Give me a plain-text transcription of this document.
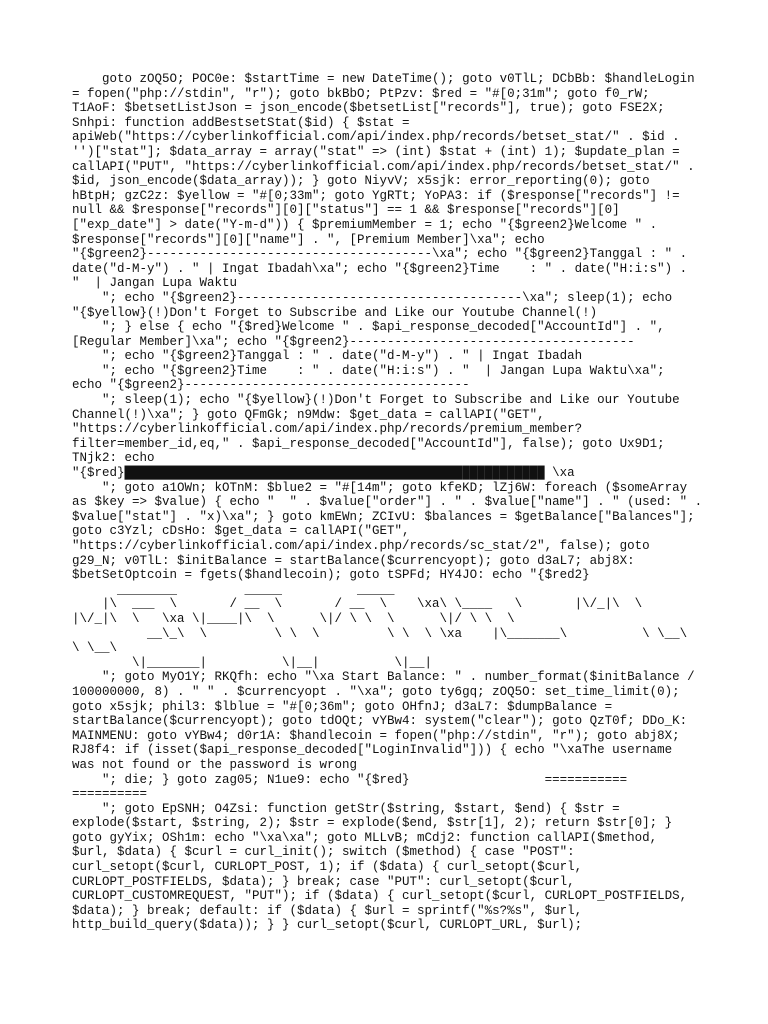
goto zOQ5O; POC0e: $startTime = new DateTime(); goto v0TlL; DCbBb: $handleLogin
= fopen("php://stdin", "r"); goto bkBbO; PtPzv: $red = "#[0;31m"; goto f0_rW;
T1AoF: $betsetListJson = json_encode($betsetList["records"], true); goto FSE2X;
Snhpi: function addBestsetStat($id) { $stat =
apiWeb("https://cyberlinkofficial.com/api/index.php/records/betset_stat/" . $id .
'')["stat"]; $data_array = array("stat" => (int) $stat + (int) 1); $update_plan =
callAPI("PUT", "https://cyberlinkofficial.com/api/index.php/records/betset_stat/" .
$id, json_encode($data_array)); } goto NiyvV; x5sjk: error_reporting(0); goto
hBtpH; gzC2z: $yellow = "#[0;33m"; goto YgRTt; YoPA3: if ($response["records"] !=
null && $response["records"][0]["status"] == 1 && $response["records"][0]
["exp_date"] > date("Y-m-d")) { $premiumMember = 1; echo "{$green2}Welcome " .
$response["records"][0]["name"] . ", [Premium Member]\xa"; echo
"{$green2}--------------------------------------\xa"; echo "{$green2}Tanggal : " .
date("d-M-y") . " | Ingat Ibadah\xa"; echo "{$green2}Time    : " . date("H:i:s") .
"  | Jangan Lupa Waktu
"; echo "{$green2}--------------------------------------\xa"; sleep(1); echo
"{$yellow}(!)Don't Forget to Subscribe and Like our Youtube Channel(!)
"; } else { echo "{$red}Welcome " . $api_response_decoded["AccountId"] . ",
[Regular Member]\xa"; echo "{$green2}--------------------------------------
"; echo "{$green2}Tanggal : " . date("d-M-y") . " | Ingat Ibadah
"; echo "{$green2}Time    : " . date("H:i:s") . "  | Jangan Lupa Waktu\xa";
echo "{$green2}--------------------------------------
"; sleep(1); echo "{$yellow}(!)Don't Forget to Subscribe and Like our Youtube
Channel(!)\xa"; } goto QFmGk; n9Mdw: $get_data = callAPI("GET",
"https://cyberlinkofficial.com/api/index.php/records/premium_member?
filter=member_id,eq," . $api_response_decoded["AccountId"], false); goto Ux9D1;
TNjk2: echo
"{$red}████████████████████████████████████████████████████████ \xa
"; goto a1OWn; kOTnM: $blue2 = "#[14m"; goto kfeKD; lZj6W: foreach ($someArray
as $key => $value) { echo "  " . $value["order"] . " . $value["name"] . " (used: " .
$value["stat"] . "x)\xa"; } goto kmEWn; ZCIvU: $balances = $getBalance["Balances"];
goto c3Yzl; cDsHo: $get_data = callAPI("GET",
"https://cyberlinkofficial.com/api/index.php/records/sc_stat/2", false); goto
g29_N; v0TlL: $initBalance = startBalance($currencyopt); goto d3aL7; abj8X:
$betSetOptcoin = fgets($handlecoin); goto tSPFd; HY4JO: echo "{$red2}
________         _____          _____
|\  ___  \       / __  \       / __  \    \xa\ \____   \       |\/_|\  \
|\/_|\  \   \xa \|____|\  \      \|/ \ \  \      \|/ \ \  \
__\_\  \         \ \  \         \ \  \ \xa    |\_______\          \ \__\
\ \__\
\|_______|          \|__|          \|__|
"; goto MyO1Y; RKQfh: echo "\xa Start Balance: " . number_format($initBalance /
100000000, 8) . " " . $currencyopt . "\xa"; goto ty6gq; zOQ5O: set_time_limit(0);
goto x5sjk; phil3: $lblue = "#[0;36m"; goto OHfnJ; d3aL7: $dumpBalance =
startBalance($currencyopt); goto tdOQt; vYBw4: system("clear"); goto QzT0f; DDo_K:
MAINMENU: goto vYBw4; d0r1A: $handlecoin = fopen("php://stdin", "r"); goto abj8X;
RJ8f4: if (isset($api_response_decoded["LoginInvalid"])) { echo "\xaThe username
was not found or the password is wrong
"; die; } goto zag05; N1ue9: echo "{$red}                  ===========
==========
"; goto EpSNH; O4Zsi: function getStr($string, $start, $end) { $str =
explode($start, $string, 2); $str = explode($end, $str[1], 2); return $str[0]; }
goto gyYix; OSh1m: echo "\xa\xa"; goto MLLvB; mCdj2: function callAPI($method,
$url, $data) { $curl = curl_init(); switch ($method) { case "POST":
curl_setopt($curl, CURLOPT_POST, 1); if ($data) { curl_setopt($curl,
CURLOPT_POSTFIELDS, $data); } break; case "PUT": curl_setopt($curl,
CURLOPT_CUSTOMREQUEST, "PUT"); if ($data) { curl_setopt($curl, CURLOPT_POSTFIELDS,
$data); } break; default: if ($data) { $url = sprintf("%s?%s", $url,
http_build_query($data)); } } curl_setopt($curl, CURLOPT_URL, $url);
